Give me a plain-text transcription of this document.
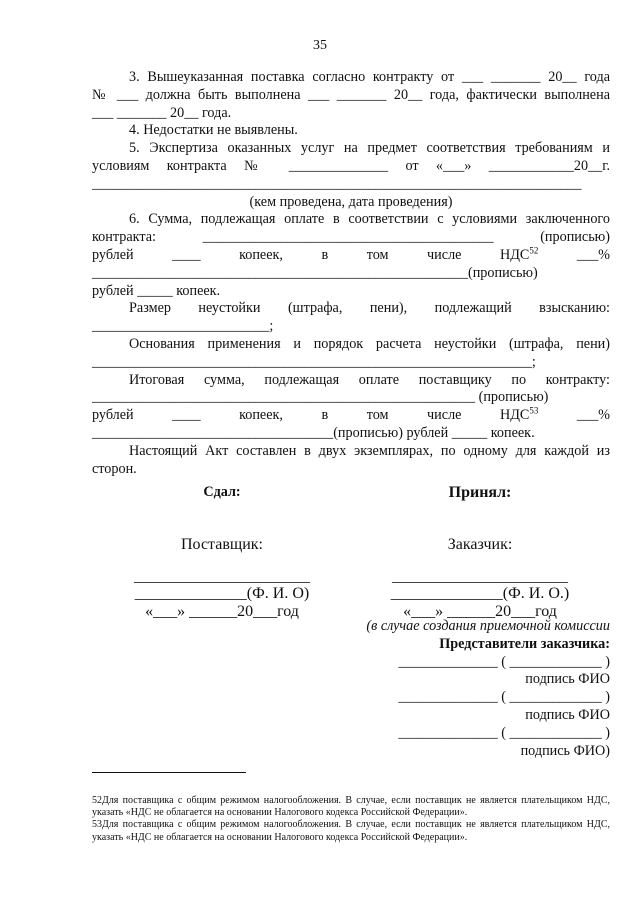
35
3. Вышеуказанная поставка согласно контракту от ___ _______ 20__ года
№ ___ должна быть выполнена ___ _______ 20__ года, фактически выполнена
___ _______ 20__ года.
4. Недостатки не выявлены.
5. Экспертиза оказанных услуг на предмет соответствия требованиям и
условиям контракта № ______________ от «___» ____________20__г.
_____________________________________________________________________
(кем проведена, дата проведения)
6. Сумма, подлежащая оплате в соответствии с условиями заключенного
контракта: _________________________________________ (прописью)
рублей ____ копеек, в том числе НДС$^{52}$ ___%
_____________________________________________________(прописью)
рублей _____ копеек.
Размер неустойки (штрафа, пени), подлежащий взысканию:
_________________________;
Основания применения и порядок расчета неустойки (штрафа, пени)
______________________________________________________________;
Итоговая сумма, подлежащая оплате поставщику по контракту:
______________________________________________________ (прописью)
рублей ____ копеек, в том числе НДС$^{53}$ ___%
__________________________________(прописью) рублей _____ копеек.
Настоящий Акт составлен в двух экземплярах, по одному для каждой из
сторон.
Сдал:
Поставщик:
______________________
______________(Ф. И. О)
«___» ______20___год
Принял:
Заказчик:
______________________
______________(Ф. И. О.)
«___» ______20___год
(в случае создания приемочной комиссии
Представители заказчика:
______________ ( _____________ )
подпись ФИО
______________ ( _____________ )
подпись ФИО
______________ ( _____________ )
подпись ФИО)
52Для поставщика с общим режимом налогообложения. В случае, если поставщик не является плательщиком НДС, указать «НДС не облагается на основании Налогового кодекса Российской Федерации».
53Для поставщика с общим режимом налогообложения. В случае, если поставщик не является плательщиком НДС, указать «НДС не облагается на основании Налогового кодекса Российской Федерации».
